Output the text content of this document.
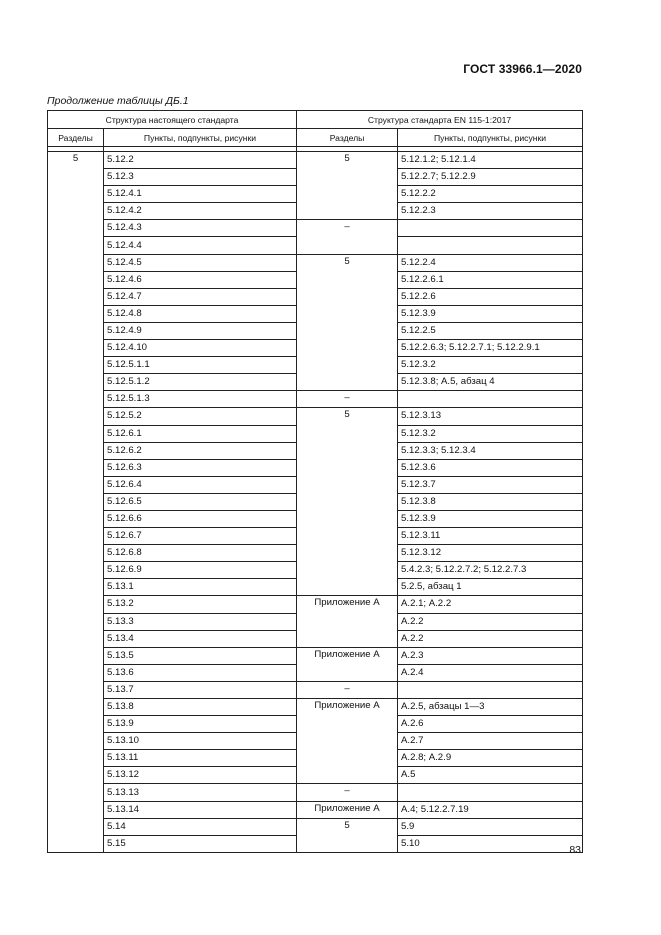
ГОСТ 33966.1—2020
Продолжение таблицы ДБ.1
Структура настоящего стандарта		Структура стандарта EN 115-1:2017	
Разделы	Пункты, подпункты, рисунки	Разделы	Пункты, подпункты, рисунки

5	5.12.2	5	5.12.1.2; 5.12.1.4
	5.12.3		5.12.2.7; 5.12.2.9
	5.12.4.1		5.12.2.2
	5.12.4.2		5.12.2.3
	5.12.4.3	–	
	5.12.4.4		
	5.12.4.5	5	5.12.2.4
	5.12.4.6		5.12.2.6.1
	5.12.4.7		5.12.2.6
	5.12.4.8		5.12.3.9
	5.12.4.9		5.12.2.5
	5.12.4.10		5.12.2.6.3; 5.12.2.7.1; 5.12.2.9.1
	5.12.5.1.1		5.12.3.2
	5.12.5.1.2		5.12.3.8; А.5, абзац 4
	5.12.5.1.3	–	
	5.12.5.2	5	5.12.3.13
	5.12.6.1		5.12.3.2
	5.12.6.2		5.12.3.3; 5.12.3.4
	5.12.6.3		5.12.3.6
	5.12.6.4		5.12.3.7
	5.12.6.5		5.12.3.8
	5.12.6.6		5.12.3.9
	5.12.6.7		5.12.3.11
	5.12.6.8		5.12.3.12
	5.12.6.9		5.4.2.3; 5.12.2.7.2; 5.12.2.7.3
	5.13.1		5.2.5, абзац 1
	5.13.2	Приложение А	А.2.1; А.2.2
	5.13.3		А.2.2
	5.13.4		А.2.2
	5.13.5	Приложение А	А.2.3
	5.13.6		А.2.4
	5.13.7	–	
	5.13.8	Приложение А	А.2.5, абзацы 1—3
	5.13.9		А.2.6
	5.13.10		А.2.7
	5.13.11		А.2.8; А.2.9
	5.13.12		А.5
	5.13.13	–	
	5.13.14	Приложение А	А.4; 5.12.2.7.19
	5.14	5	5.9
	5.15		5.10
83
